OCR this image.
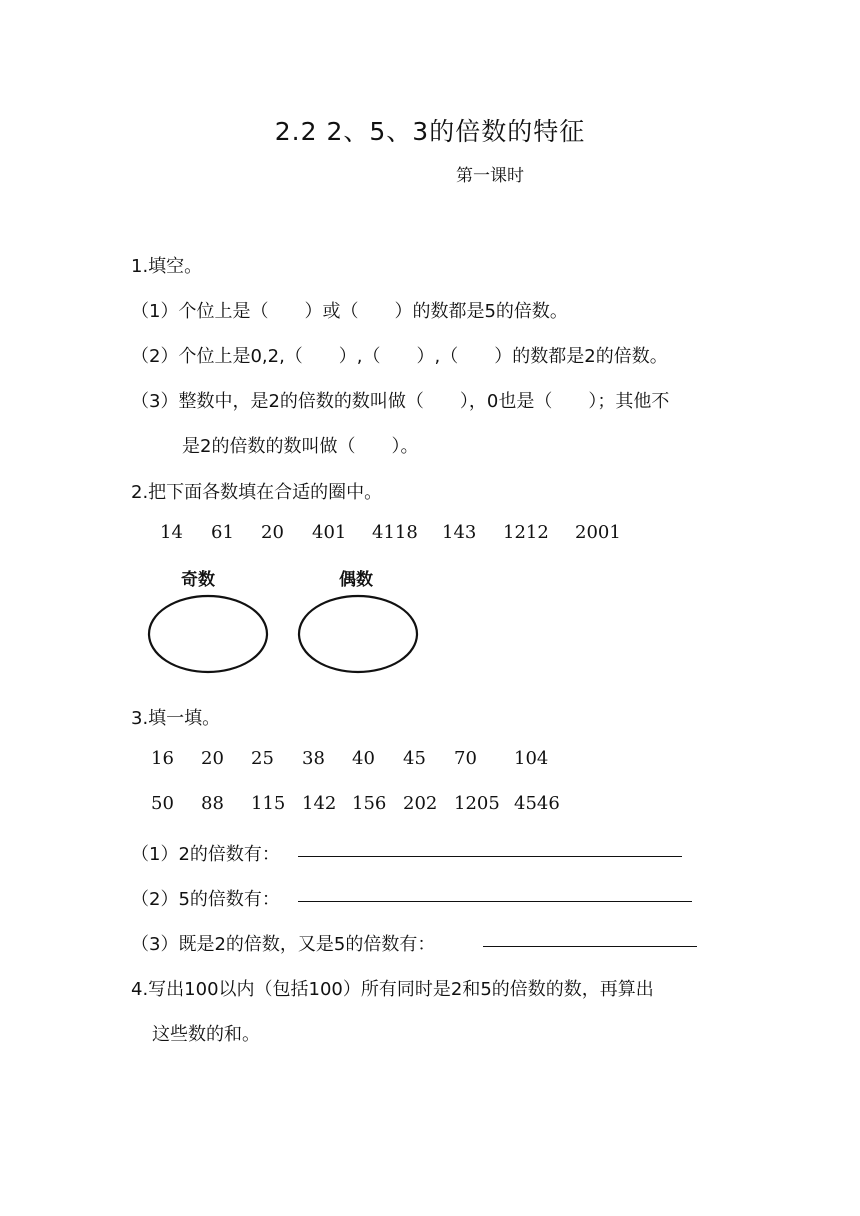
2.2 2、5、3的倍数的特征
第一课时
1.填空。
（1）个位上是（　　）或（　　）的数都是5的倍数。
（2）个位上是0,2,（　　）,（　　）,（　　）的数都是2的倍数。
（3）整数中，是2的倍数的数叫做（　　），0也是（　　）；其他不
是2的倍数的数叫做（　　）。
2.把下面各数填在合适的圈中。
14 61 20 401 4118 143 1212 2001
奇数	偶数
3.填一填。
16 20 25 38 40 45 70 104
50 88 115 142 156 202 1205 4546
（1）2的倍数有：
（2）5的倍数有：
（3）既是2的倍数，又是5的倍数有：
4.写出100以内（包括100）所有同时是2和5的倍数的数，再算出
这些数的和。
